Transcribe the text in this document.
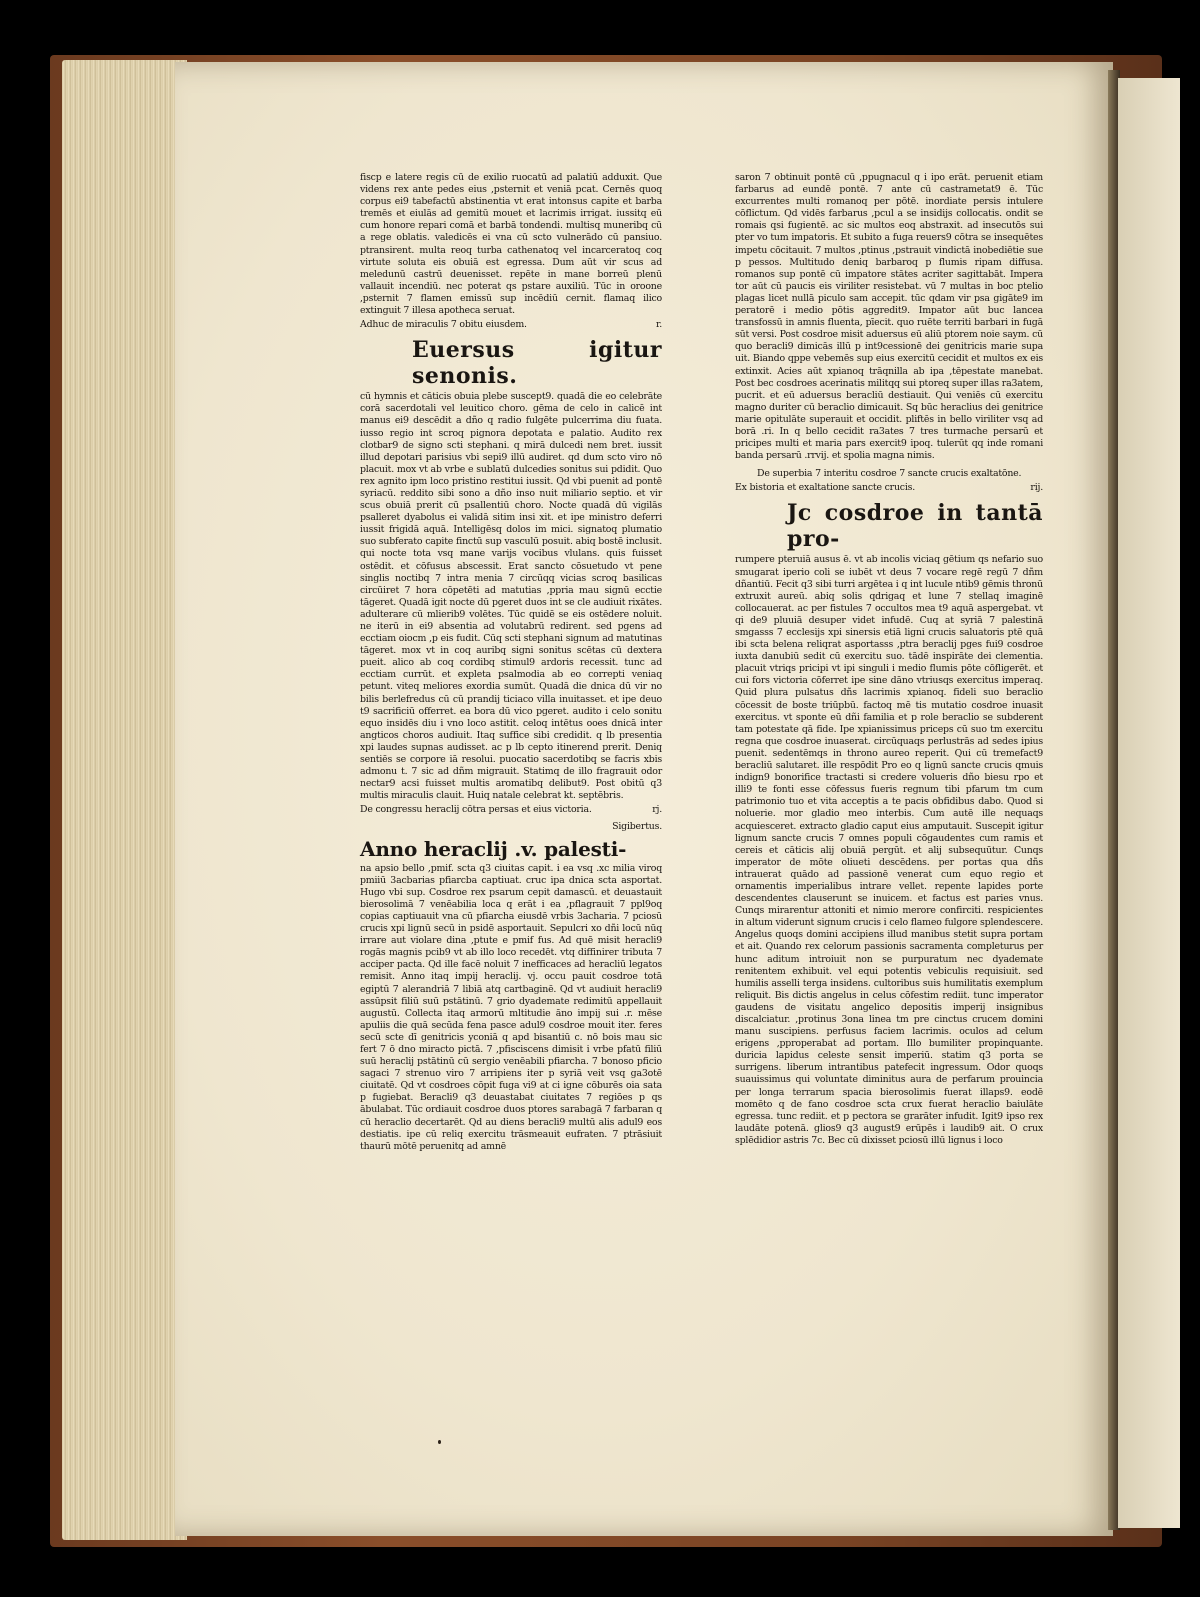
fiscp e latere regis cū de exilio ruocatū ad palatiū adduxit. Que videns rex ante pedes eius ,psternit et veniā pcat. Cernēs quoq corpus ei9 tabefactū abstinentia vt erat intonsus capite et barba tremēs et eiulās ad gemitū mouet et lacrimis irrigat. iussitq eū cum honore repari comā et barbā tondendi. multisq muneribq cū a rege oblatis. valedicēs ei vna cū scto vulnerādo cū pansiuo. ptransirent. multa reoq turba cathenatoq vel incarceratoq coq virtute soluta eis obuiā est egressa. Dum aūt vir scus ad meledunū castrū deuenisset. repēte in mane borreū plenū vallauit incendiū. nec poterat qs pstare auxiliū. Tūc in oroone ,psternit 7 flamen emissū sup incēdiū cernit. flamaq ilico extinguit 7 illesa apotheca seruat.

Adhuc de miraculis 7 obitu eiusdem.	r.
Euersus igitur senonis.

cū hymnis et cāticis obuia plebe suscept9. quadā die eo celebrāte corā sacerdotali vel leuitico choro. gēma de celo in calicē int manus ei9 descēdit a dño q radio fulgēte pulcerrima diu fuata. iusso regio int scroq pignora depotata e palatio. Audito rex clotbar9 de signo scti stephani. q mirā dulcedi nem bret. iussit illud depotari parisius vbi sepi9 illū audiret. qd dum scto viro nō placuit. mox vt ab vrbe e sublatū dulcedies sonitus sui pdidit. Quo rex agnito ipm loco pristino restitui iussit. Qd vbi puenit ad pontē syriacū. reddito sibi sono a dño inso nuit miliario septio. et vir scus obuiā prerit cū psallentiū choro. Nocte quadā dū vigilās psalleret dyabolus ei validā sitim insi xit. et ipe ministro deferri iussit frigidā aquā. Intelligēsq dolos im mici. signatoq plumatio suo subferato capite finctū sup vasculū posuit. abiq bostē inclusit. qui nocte tota vsq mane varijs vocibus vlulans. quis fuisset ostēdit. et cōfusus abscessit. Erat sancto cōsuetudo vt pene singlis noctibq 7 intra menia 7 circūqq vicias scroq basilicas circūiret 7 hora cōpetēti ad matutias ,ppria mau signū ecctie tāgeret. Quadā igit nocte dū pgeret duos int se cle audiuit rixātes. adulterare cū mlierib9 volētes. Tūc quidē se eis ostēdere noluit. ne iterū in ei9 absentia ad volutabrū redirent. sed pgens ad ecctiam oiocm ,p eis fudit. Cūq scti stephani signum ad matutinas tāgeret. mox vt in coq auribq signi sonitus scētas cū dextera pueit. alico ab coq cordibq stimul9 ardoris recessit. tunc ad ecctiam currūt. et expleta psalmodia ab eo correpti veniaq petunt. viteq meliores exordia sumūt. Quadā die dnica dū vir no bilis berlefredus cū cū prandij ticiaco villa inuitasset. et ipe deuo t9 sacrificiū offerret. ea bora dū vico pgeret. audito i celo sonitu equo insidēs diu i vno loco astitit. celoq intētus ooes dnicā inter angticos choros audiuit. Itaq suffice sibi credidit. q lb presentia xpi laudes supnas audisset. ac p lb cepto itinerend prerit. Deniq sentiēs se corpore iā resolui. puocatio sacerdotibq se facris xbis admonu t. 7 sic ad dñm migrauit. Statimq de illo fragrauit odor nectar9 acsi fuisset multis aromatibq delibut9. Post obitū q3 multis miraculis clauit. Huiq natale celebrat kt. septēbris.

De congressu heraclij cōtra persas et eius victoria.	rj.
Sigibertus.
Anno heraclij .v. palesti-

na apsio bello ,pmif. scta q3 ciuitas capit. i ea vsq .xc milia viroq pmiiū 3acbarias pfiarcba captiuat. cruc ipa dnica scta asportat. Hugo vbi sup. Cosdroe rex psarum cepit damascū. et deuastauit bierosolimā 7 venēabilia loca q erāt i ea ,pflagrauit 7 ppl9oq copias captiuauit vna cū pfiarcha eiusdē vrbis 3acharia. 7 pciosū crucis xpi lignū secū in psidē asportauit. Sepulcri xo dñi locū nūq irrare aut violare dina ,ptute e pmif fus. Ad quē misit heracli9 rogās magnis pcib9 vt ab illo loco recedēt. vtq diffinirer tributa 7 acciper pacta. Qd ille facē noluit 7 inefficaces ad heracliū legatos remisit. Anno itaq impij heraclij. vj. occu pauit cosdroe totā egiptū 7 alerandriā 7 libiā atq cartbaginē. Qd vt audiuit heracli9 assūpsit filiū suū pstātinū. 7 grio dyademate redimitū appellauit augustū. Collecta itaq armorū mltitudie āno impij sui .r. mēse apuliis die quā secūda fena pasce adul9 cosdroe mouit iter. feres secū scte dī genitricis yconiā q apd bisantiū c. nō bois mau sic fert 7 ō dno miracto pictā. 7 ,pfisciscens dimisit i vrbe pfatū filiū suū heraclij pstātinū cū sergio venēabili pfiarcha. 7 bonoso pficio sagaci 7 strenuo viro 7 arripiens iter p syriā veit vsq ga3otē ciuitatē. Qd vt cosdroes cōpit fuga vi9 at ci igne cōburēs oia sata p fugiebat. Beracli9 q3 deuastabat ciuitates 7 regiōes p qs ābulabat. Tūc ordiauit cosdroe duos ptores sarabagā 7 farbaran q cū heraclio decertarēt. Qd au diens beracli9 multū alis adul9 eos destiatis. ipe cū reliq exercitu trāsmeauit eufraten. 7 ptrāsiuit thaurū mōtē peruenitq ad amnē

saron 7 obtinuit pontē cū ,ppugnacul q i ipo erāt. peruenit etiam farbarus ad eundē pontē. 7 ante cū castrametat9 ē. Tūc excurrentes multi romanoq per pōtē. inordiate persis intulere cōflictum. Qd vidēs farbarus ,pcul a se insidijs collocatis. ondit se romais qsi fugientē. ac sic multos eoq abstraxit. ad insecutōs sui pter vo tum impatoris. Et subito a fuga reuers9 cōtra se insequētes impetu cōcitauit. 7 multos ,ptinus ,pstrauit vindictā inobediētie sue p pessos. Multitudo deniq barbaroq p flumis ripam diffusa. romanos sup pontē cū impatore stātes acriter sagittabāt. Impera tor aūt cū paucis eis viriliter resistebat. vū 7 multas in boc ptelio plagas licet nullā piculo sam accepit. tūc qdam vir psa gigāte9 im peratorē i medio pōtis aggredit9. Impator aūt buc lancea transfossū in amnis fluenta, pīecit. quo ruēte territi barbari in fugā sūt versi. Post cosdroe misit aduersus eū aliū ptorem noie saym. cū quo beracli9 dimicās illū p int9cessionē dei genitricis marie supa uit. Biando qppe vebemēs sup eius exercitū cecidit et multos ex eis extinxit. Acies aūt xpianoq trāqnilla ab ipa ,tēpestate manebat. Post bec cosdroes acerinatis militqq sui ptoreq super illas ra3atem, pucrit. et eū aduersus beracliū destiauit. Qui veniēs cū exercitu magno duriter cū beraclio dimicauit. Sq būc heraclius dei genitrice marie opitulāte superauit et occidit. pliftēs in bello viriliter vsq ad borā .ri. In q bello cecidit ra3ates 7 tres turmache persarū et pricipes multi et maria pars exercit9 ipoq. tulerūt qq inde romani banda persarū .rrvij. et spolia magna nimis.

De superbia 7 interitu cosdroe 7 sancte crucis exaltatōne.
Ex bistoria et exaltatione sancte crucis.	rij.
Jc cosdroe in tantā pro-

rumpere pteruiā ausus ē. vt ab incolis viciaq gētium qs nefario suo smugarat iperio coli se iubēt vt deus 7 vocare regē regū 7 dñm dñantiū. Fecit q3 sibi turri argētea i q int lucule ntib9 gēmis thronū extruxit aureū. abiq solis qdrigaq et lune 7 stellaq imaginē collocauerat. ac per fistules 7 occultos mea t9 aquā aspergebat. vt qi de9 pluuiā desuper videt infudē. Cuq at syriā 7 palestinā smgasss 7 ecclesijs xpi sinersis etiā ligni crucis saluatoris ptē quā ibi scta belena reliqrat asportasss ,ptra beraclij pges fui9 cosdroe iuxta danubiū sedit cū exercitu suo. tādē inspirāte dei clementia. placuit vtriqs pricipi vt ipi singuli i medio flumis pōte cōfligerēt. et cui fors victoria cōferret ipe sine dāno vtriusqs exercitus imperaq. Quid plura pulsatus dñs lacrimis xpianoq. fideli suo beraclio cōcessit de boste triūpbū. factoq mē tis mutatio cosdroe inuasit exercitus. vt sponte eū dñi familia et p role beraclio se subderent tam potestate qā fide. Ipe xpianissimus priceps cū suo tm exercitu regna que cosdroe inuaserat. circūquaqs perlustrās ad sedes ipius puenit. sedentēmqs in throno aureo reperit. Qui cū tremefact9 beracliū salutaret. ille respōdit Pro eo q lignū sancte crucis qmuis indign9 bonorifice tractasti si credere volueris dño biesu rpo et illi9 te fonti esse cōfessus fueris regnum tibi pfarum tm cum patrimonio tuo et vita acceptis a te pacis obfidibus dabo. Quod si noluerie. mor gladio meo interbis. Cum autē ille nequaqs acquiesceret. extracto gladio caput eius amputauit. Suscepit igitur lignum sancte crucis 7 omnes populi cōgaudentes cum ramis et cereis et cāticis alij obuiā pergūt. et alij subsequūtur. Cunqs imperator de mōte oliueti descēdens. per portas qua dñs intrauerat quādo ad passionē venerat cum equo regio et ornamentis imperialibus intrare vellet. repente lapides porte descendentes clauserunt se inuicem. et factus est paries vnus. Cunqs mirarentur attoniti et nimio merore confirciti. respicientes in altum viderunt signum crucis i celo flameo fulgore splendescere. Angelus quoqs domini accipiens illud manibus stetit supra portam et ait. Quando rex celorum passionis sacramenta completurus per hunc aditum introiuit non se purpuratum nec dyademate renitentem exhibuit. vel equi potentis vebiculis requisiuit. sed humilis asselli terga insidens. cultoribus suis humilitatis exemplum reliquit. Bis dictis angelus in celus cōfestim rediit. tunc imperator gaudens de visitatu angelico depositis imperij insignibus discalciatur. ,protinus 3ona linea tm pre cinctus crucem domini manu suscipiens. perfusus faciem lacrimis. oculos ad celum erigens ,pproperabat ad portam. Illo bumiliter propinquante. duricia lapidus celeste sensit imperiū. statim q3 porta se surrigens. liberum intrantibus patefecit ingressum. Odor quoqs suauissimus qui voluntate diminitus aura de perfarum prouincia per longa terrarum spacia bierosolimis fuerat illaps9. eodē momēto q de fano cosdroe scta crux fuerat heraclio baiulāte egressa. tunc rediit. et p pectora se grarāter infudit. Igit9 ipso rex laudāte potenā. glios9 q3 august9 erūpēs i laudib9 ait. O crux splēdidior astris 7c. Bec cū dixisset pciosū illū lignus i loco
